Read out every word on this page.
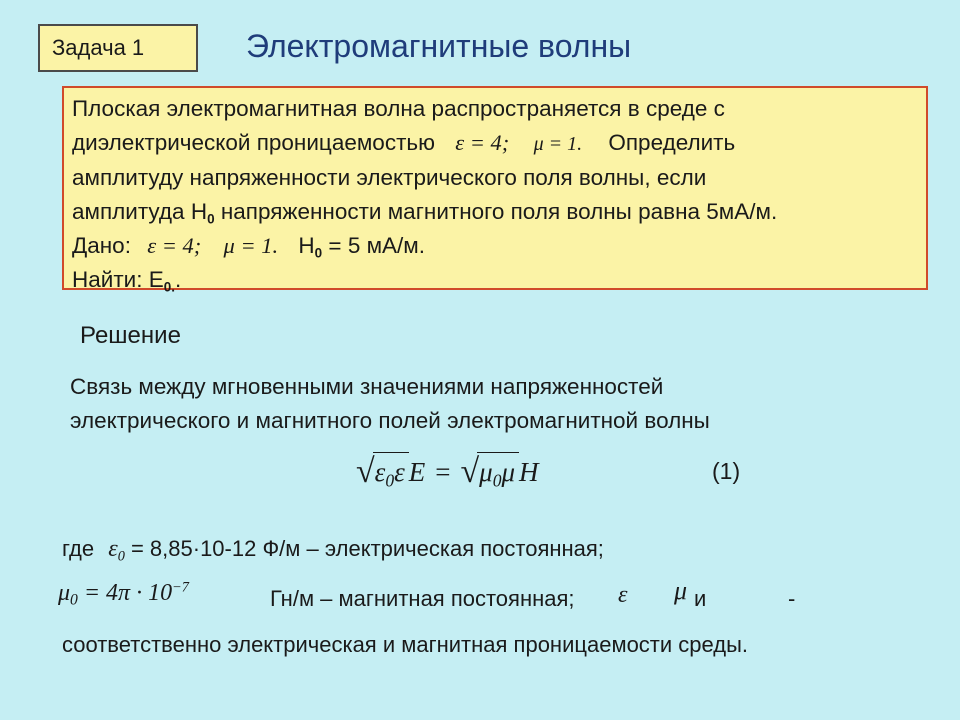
Задача 1	Электромагнитные волны

Плоская электромагнитная волна распространяется в среде с

диэлектрической проницаемостью ε = 4; μ = 1. Определить

амплитуду напряженности электрического поля волны, если

амплитуда $Н_0$ напряженности магнитного поля волны равна 5мА/м.

Дано: ε = 4; μ = 1. $Н_0 = 5$ мА/м.

Найти: $Е_{0.}$.

Решение

Связь между мгновенными значениями напряженностей

электрического и магнитного полей электромагнитной волны

√ $\varepsilon_0\varepsilon$ E = √ $\mu_0\mu$ H	(1)
где $\varepsilon_0 = 8,85\cdot 10-12$ Ф/м – электрическая постоянная;
$\mu_0 = 4\pi \cdot 10^{-7}$	Гн/м – магнитная постоянная; ε μ и	-
соответственно электрическая и магнитная проницаемости среды.
